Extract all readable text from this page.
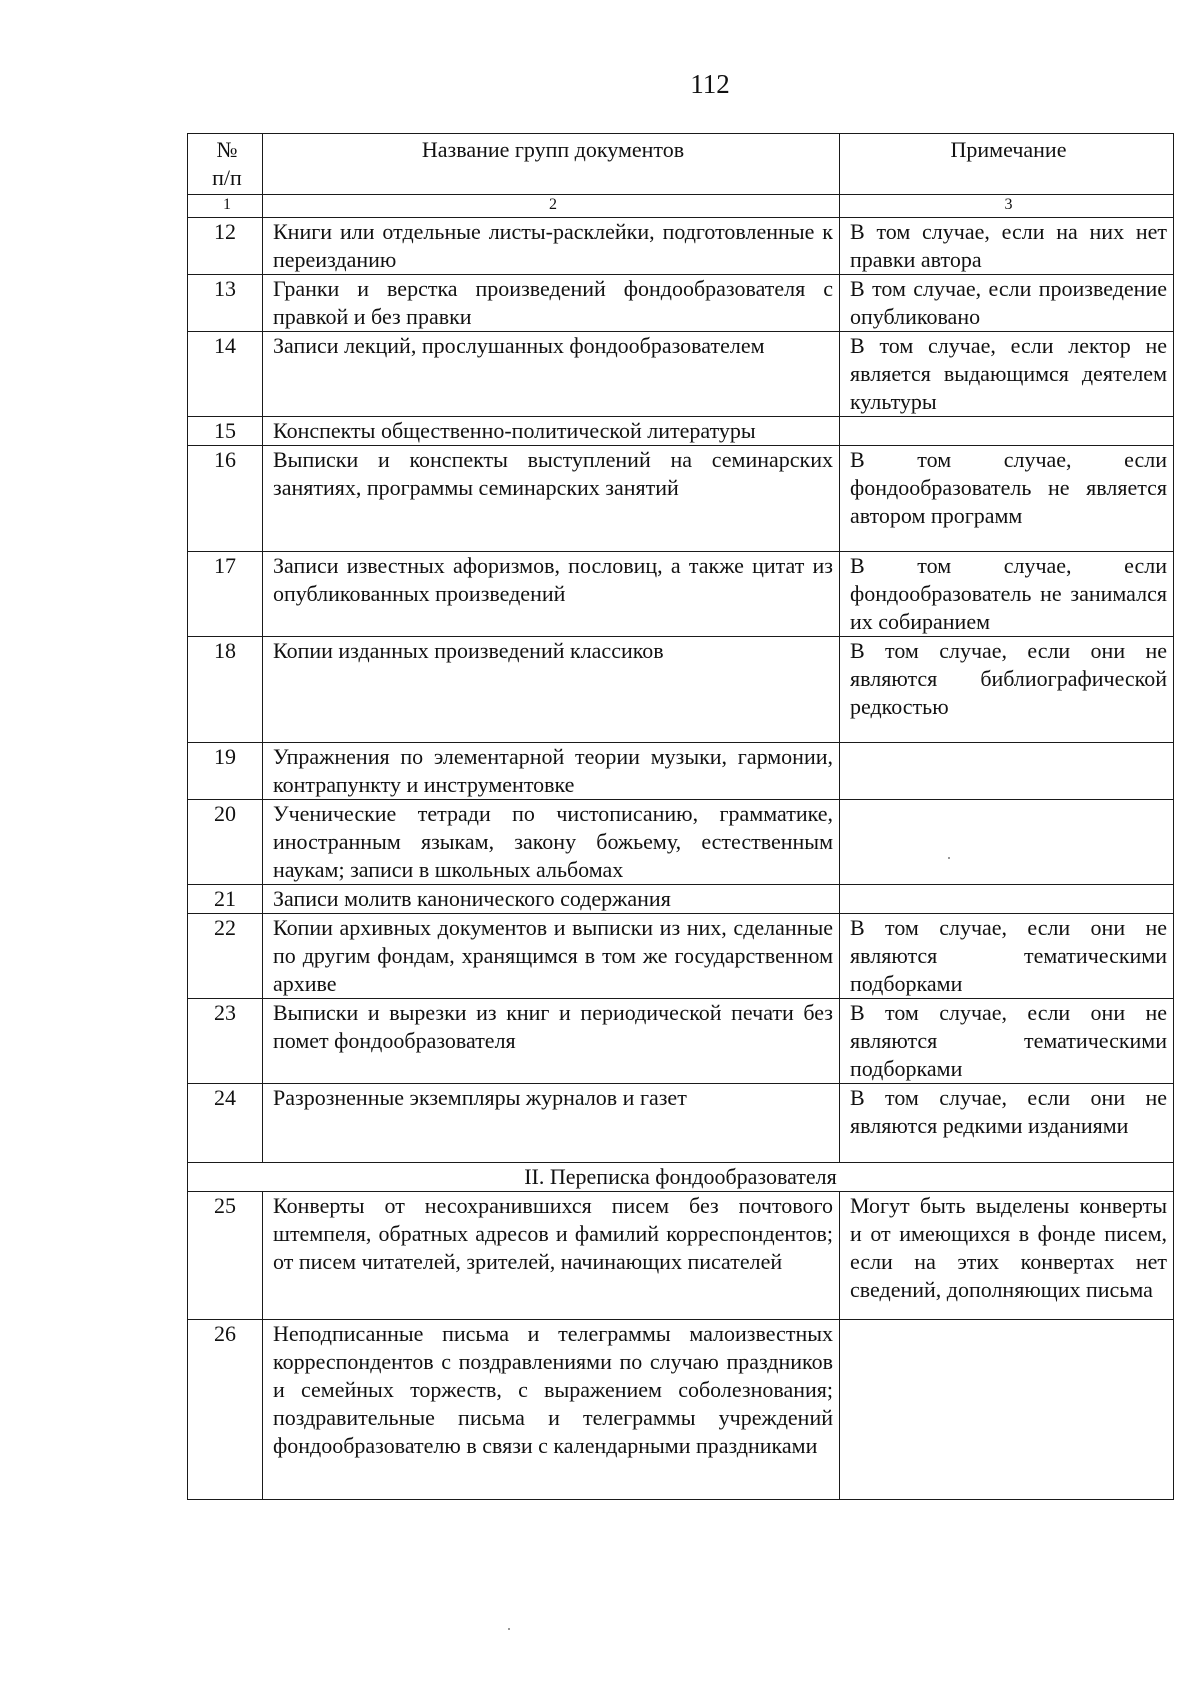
112
№
п/п	Название групп документов	Примечание
1	2	3
12	Книги или отдельные листы-расклейки, подготовленные к переизданию	В том случае, если на них нет правки автора
13	Гранки и верстка произведений фондообразователя с правкой и без правки	В том случае, если произведение опубликовано
14	Записи лекций, прослушанных фондообразователем	В том случае, если лектор не является выдающимся деятелем культуры
15	Конспекты общественно-политической литературы	
16	Выписки и конспекты выступлений на семинарских занятиях, программы семинарских занятий	В том случае, если фондообразователь не является автором программ
17	Записи известных афоризмов, пословиц, а также цитат из опубликованных произведений	В том случае, если фондообразователь не занимался их собиранием
18	Копии изданных произведений классиков	В том случае, если они не являются библиографической редкостью
19	Упражнения по элементарной теории музыки, гармонии, контрапункту и инструментовке	
20	Ученические тетради по чистописанию, грамматике, иностранным языкам, закону божьему, естественным наукам; записи в школьных альбомах	
21	Записи молитв канонического содержания	
22	Копии архивных документов и выписки из них, сделанные по другим фондам, хранящимся в том же государственном архиве	В том случае, если они не являются тематическими подборками
23	Выписки и вырезки из книг и периодической печати без помет фондообразователя	В том случае, если они не являются тематическими подборками
24	Разрозненные экземпляры журналов и газет	В том случае, если они не являются редкими изданиями
II. Переписка фондообразователя		
25	Конверты от несохранившихся писем без почтового штемпеля, обратных адресов и фамилий корреспондентов; от писем читателей, зрителей, начинающих писателей	Могут быть выделены конверты и от имеющихся в фонде писем, если на этих конвертах нет сведений, дополняющих письма
26	Неподписанные письма и телеграммы малоизвестных корреспондентов с поздравлениями по случаю праздников и семейных торжеств, с выражением соболезнования; поздравительные письма и телеграммы учреждений фондообразователю в связи с календарными праздниками	
